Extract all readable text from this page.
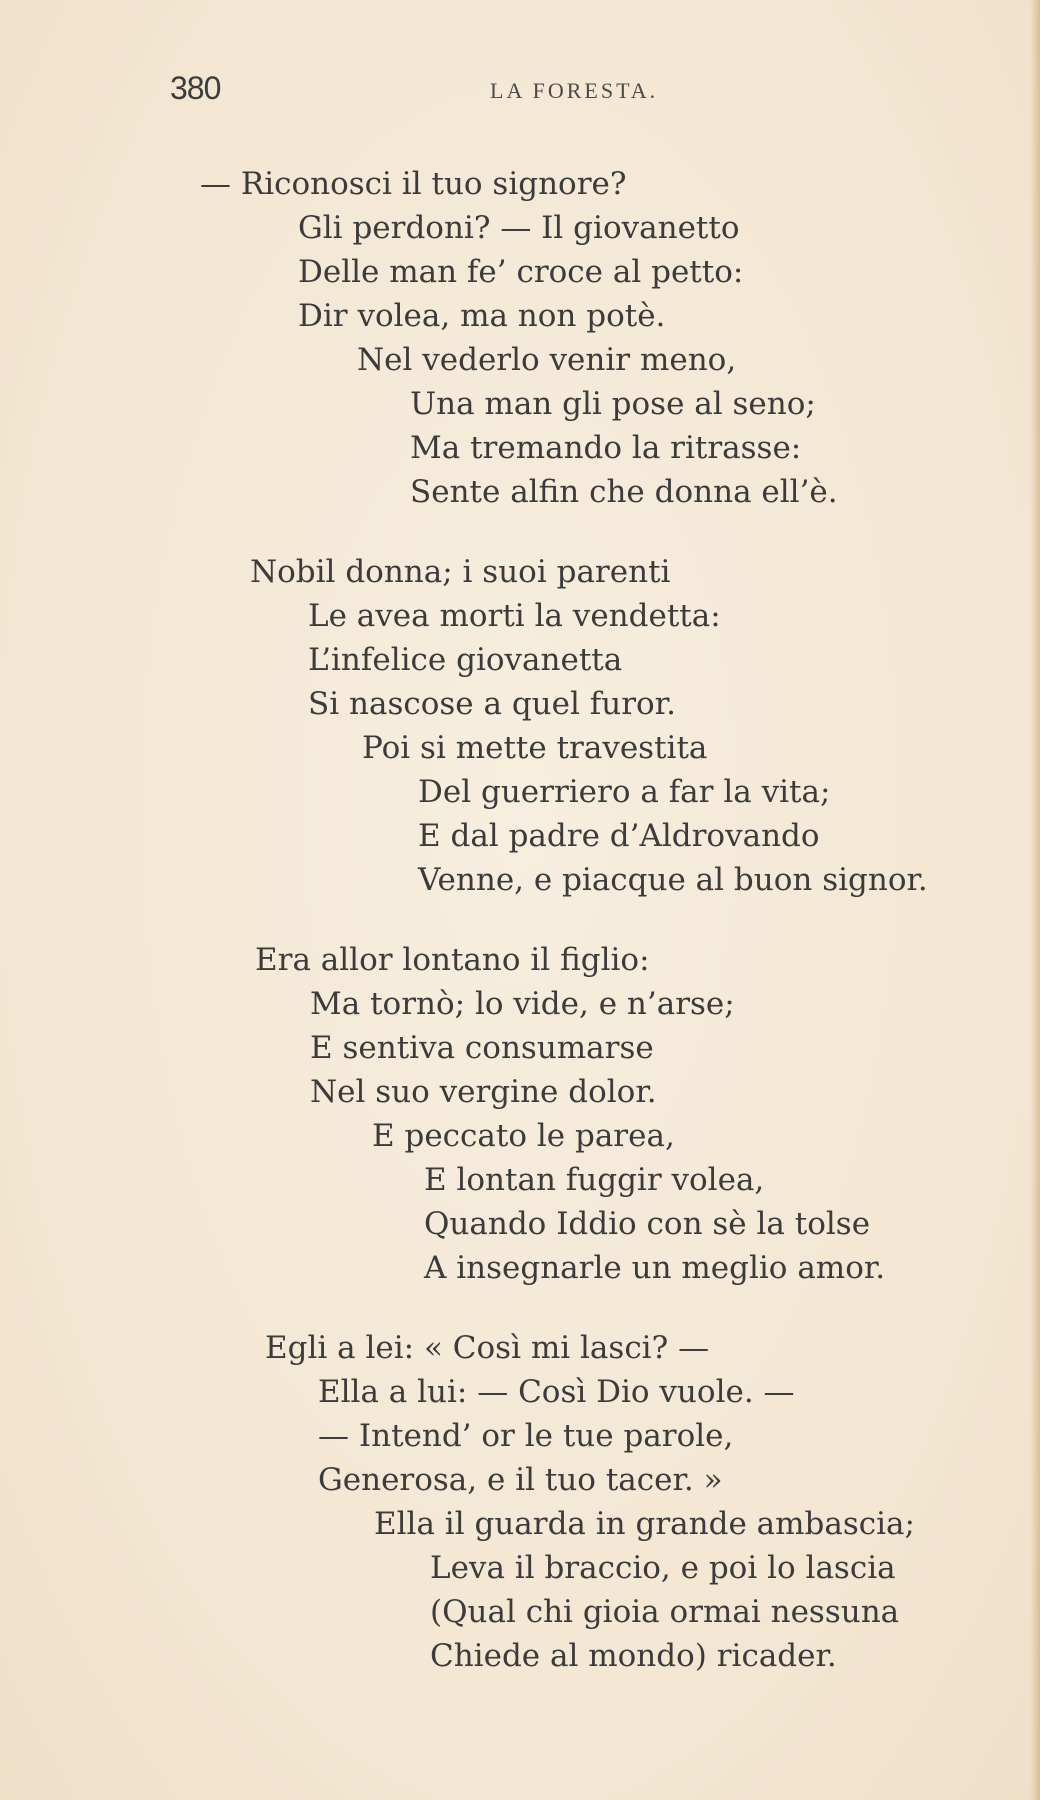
380	LA FORESTA.
— Riconosci il tuo signore?
Gli perdoni? — Il giovanetto
Delle man fe’ croce al petto:
Dir volea, ma non potè.
Nel vederlo venir meno,
Una man gli pose al seno;
Ma tremando la ritrasse:
Sente alfin che donna ell’è.
Nobil donna; i suoi parenti
Le avea morti la vendetta:
L’infelice giovanetta
Si nascose a quel furor.
Poi si mette travestita
Del guerriero a far la vita;
E dal padre d’Aldrovando
Venne, e piacque al buon signor.
Era allor lontano il figlio:
Ma tornò; lo vide, e n’arse;
E sentiva consumarse
Nel suo vergine dolor.
E peccato le parea,
E lontan fuggir volea,
Quando Iddio con sè la tolse
A insegnarle un meglio amor.
Egli a lei: « Così mi lasci? —
Ella a lui: — Così Dio vuole. —
— Intend’ or le tue parole,
Generosa, e il tuo tacer. »
Ella il guarda in grande ambascia;
Leva il braccio, e poi lo lascia
(Qual chi gioia ormai nessuna
Chiede al mondo) ricader.
